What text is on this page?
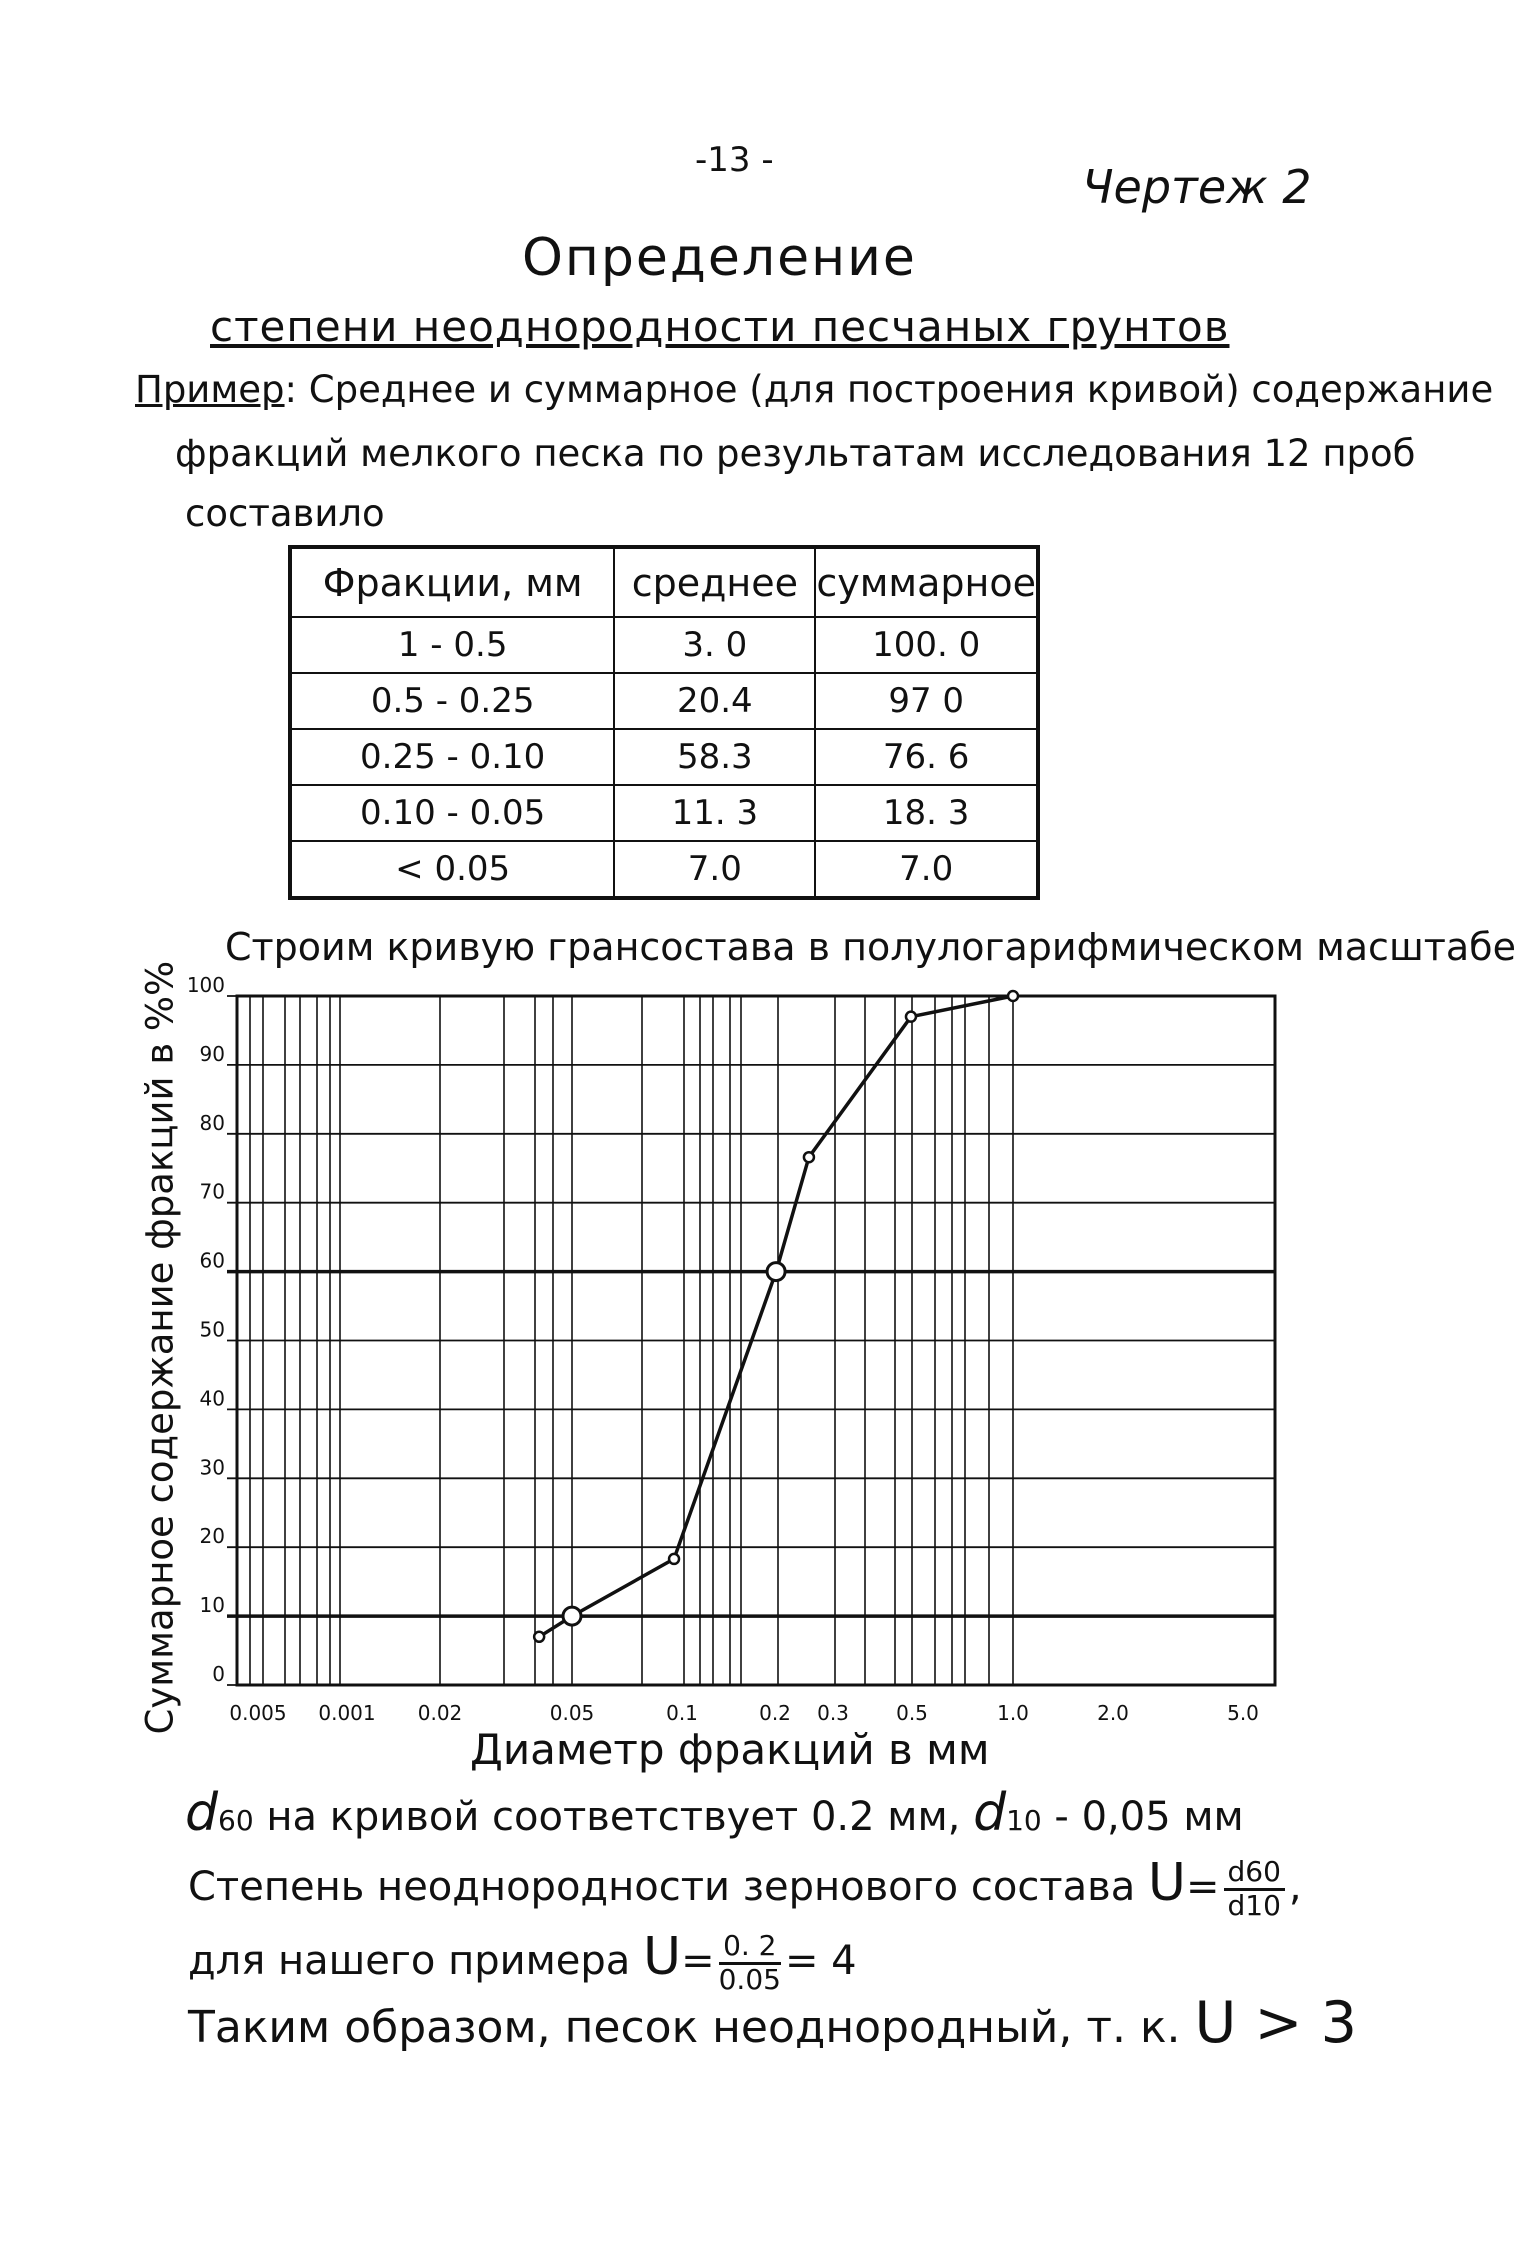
-13 -	Чертеж 2
Определение
степени неоднородности песчаных грунтов
Пример: Среднее и суммарное (для построения кривой) содержание
фракций мелкого песка по результатам исследования 12 проб
составило
Фракции, мм	среднее	суммарное
1 - 0.5	3. 0	100. 0
0.5 - 0.25	20.4	97 0
0.25 - 0.10	58.3	76. 6
0.10 - 0.05	11. 3	18. 3
< 0.05	7.0	7.0
Строим кривую грансостава в полулогарифмическом масштабе
0
10
20
30
40
50
60
70
80
90
100
0.005 0.001 0.02	0.05	0.1	0.2 0.3 0.5	1.0	2.0	5.0
Суммарное содержание фракций в %%
Диаметр фракций в мм
d60 на кривой соответствует 0.2 мм, d10 - 0,05 мм
Степень неоднородности зернового состава $U= \frac{d60}{d10}$ ,
для нашего примера $U= \frac{0. 2}{0.05} = 4$
Таким образом, песок неоднородный, т. к. U > 3
